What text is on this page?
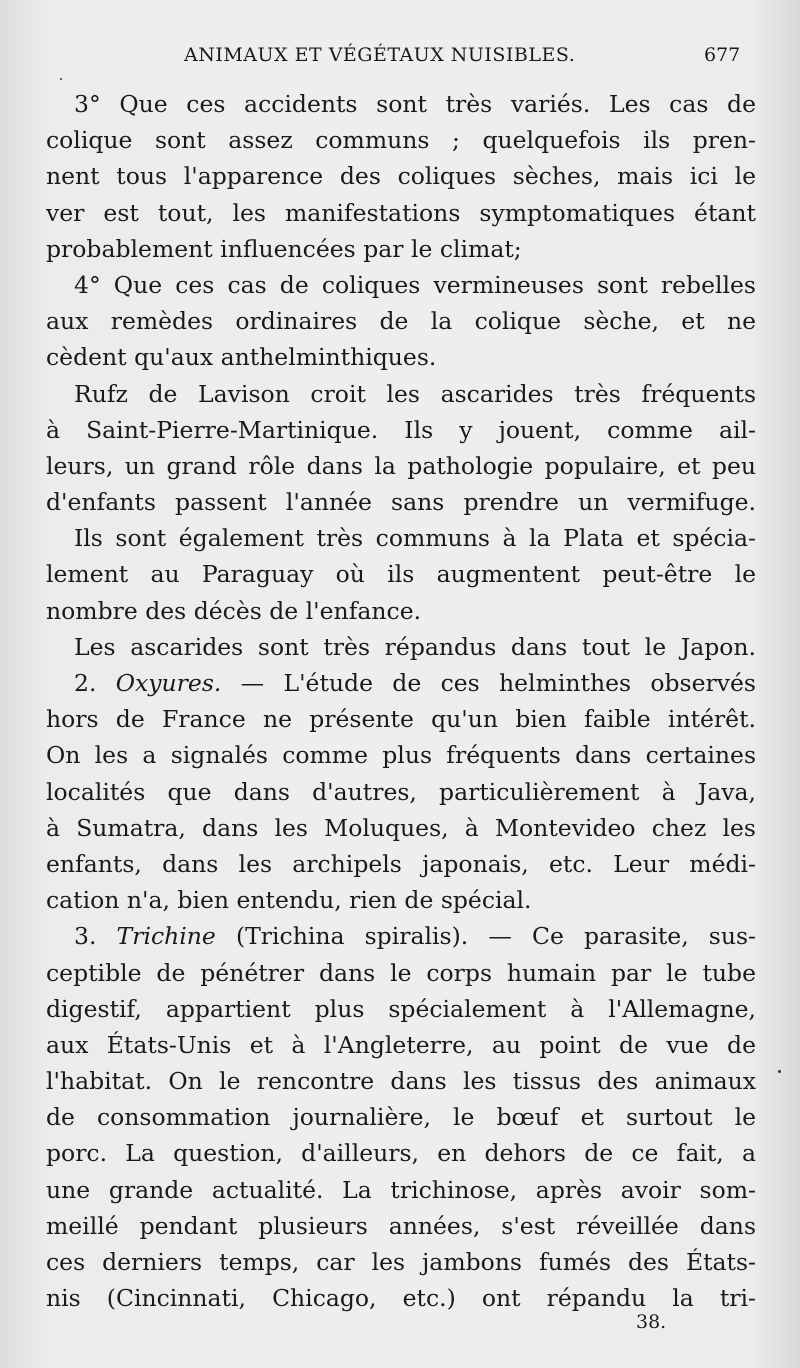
ANIMAUX ET VÉGÉTAUX NUISIBLES.	677
3° Que ces accidents sont très variés. Les cas de
colique sont assez communs ; quelquefois ils pren-
nent tous l'apparence des coliques sèches, mais ici le
ver est tout, les manifestations symptomatiques étant
probablement influencées par le climat;
4° Que ces cas de coliques vermineuses sont rebelles
aux remèdes ordinaires de la colique sèche, et ne
cèdent qu'aux anthelminthiques.
Rufz de Lavison croit les ascarides très fréquents
à Saint-Pierre-Martinique. Ils y jouent, comme ail-
leurs, un grand rôle dans la pathologie populaire, et peu
d'enfants passent l'année sans prendre un vermifuge.
Ils sont également très communs à la Plata et spécia-
lement au Paraguay où ils augmentent peut-être le
nombre des décès de l'enfance.
Les ascarides sont très répandus dans tout le Japon.
2. Oxyures. — L'étude de ces helminthes observés
hors de France ne présente qu'un bien faible intérêt.
On les a signalés comme plus fréquents dans certaines
localités que dans d'autres, particulièrement à Java,
à Sumatra, dans les Moluques, à Montevideo chez les
enfants, dans les archipels japonais, etc. Leur médi-
cation n'a, bien entendu, rien de spécial.
3. Trichine (Trichina spiralis). — Ce parasite, sus-
ceptible de pénétrer dans le corps humain par le tube
digestif, appartient plus spécialement à l'Allemagne,
aux États-Unis et à l'Angleterre, au point de vue de
l'habitat. On le rencontre dans les tissus des animaux
de consommation journalière, le bœuf et surtout le
porc. La question, d'ailleurs, en dehors de ce fait, a
une grande actualité. La trichinose, après avoir som-
meillé pendant plusieurs années, s'est réveillée dans
ces derniers temps, car les jambons fumés des États-
nis (Cincinnati, Chicago, etc.) ont répandu la tri-
38.
